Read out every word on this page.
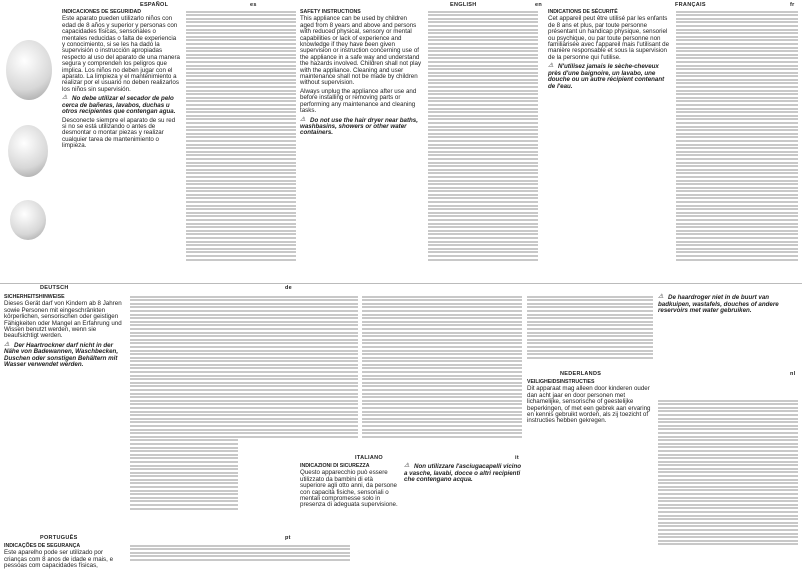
ESPAÑOL	es	ENGLISH	en	FRANÇAIS	fr
INDICACIONES DE SEGURIDAD
Este aparato pueden utilizarlo niños con edad de 8 años y superior y personas con capacidades físicas, sensoriales o mentales reducidas o falta de experiencia y conocimiento, si se les ha dado la supervisión o instrucción apropiadas respecto al uso del aparato de una manera segura y comprenden los peligros que implica. Los niños no deben jugar con el aparato. La limpieza y el mantenimiento a realizar por el usuario no deben realizarlos los niños sin supervisión.
⚠ No debe utilizar el secador de pelo cerca de bañeras, lavabos, duchas u otros recipientes que contengan agua.
Desconecte siempre el aparato de su red si no se está utilizando o antes de desmontar o montar piezas y realizar cualquier tarea de mantenimiento o limpieza.
SAFETY INSTRUCTIONS
This appliance can be used by children aged from 8 years and above and persons with reduced physical, sensory or mental capabilities or lack of experience and knowledge if they have been given supervision or instruction concerning use of the appliance in a safe way and understand the hazards involved. Children shall not play with the appliance. Cleaning and user maintenance shall not be made by children without supervision.
Always unplug the appliance after use and before installing or removing parts or performing any maintenance and cleaning tasks.
⚠ Do not use the hair dryer near baths, washbasins, showers or other water containers.
INDICATIONS DE SÉCURITÉ
Cet appareil peut être utilisé par les enfants de 8 ans et plus, par toute personne présentant un handicap physique, sensoriel ou psychique, ou par toute personne non familiarisée avec l'appareil mais l'utilisant de manière responsable et sous la supervision de la personne qui l'utilise.
⚠ N'utilisez jamais le sèche-cheveux près d'une baignoire, un lavabo, une douche ou un autre récipient contenant de l'eau.
DEUTSCH	de
PORTUGUÊS	pt
ITALIANO	it
NEDERLANDS	nl
SICHERHEITSHINWEISE
Dieses Gerät darf von Kindern ab 8 Jahren sowie Personen mit eingeschränkten körperlichen, sensorischen oder geistigen Fähigkeiten oder Mangel an Erfahrung und Wissen benutzt werden, wenn sie beaufsichtigt werden.
⚠ Der Haartrockner darf nicht in der Nähe von Badewannen, Waschbecken, Duschen oder sonstigen Behältern mit Wasser verwendet werden.
INDICAÇÕES DE SEGURANÇA
Este aparelho pode ser utilizado por crianças com 8 anos de idade e mais, e pessoas com capacidades físicas,
INDICAZIONI DI SICUREZZA
Questo apparecchio può essere utilizzato da bambini di età superiore agli otto anni, da persone con capacità fisiche, sensoriali o mentali compromesse solo in presenza di adeguata supervisione.
⚠ Non utilizzare l'asciugacapelli vicino a vasche, lavabi, docce o altri recipienti che contengano acqua.
VEILIGHEIDSINSTRUCTIES
Dit apparaat mag alleen door kinderen ouder dan acht jaar en door personen met lichamelijke, sensorische of geestelijke beperkingen, of met een gebrek aan ervaring en kennis gebruikt worden, als zij toezicht of instructies hebben gekregen.
⚠ De haardroger niet in de buurt van badkuipen, wastafels, douches of andere reservoirs met water gebruiken.
